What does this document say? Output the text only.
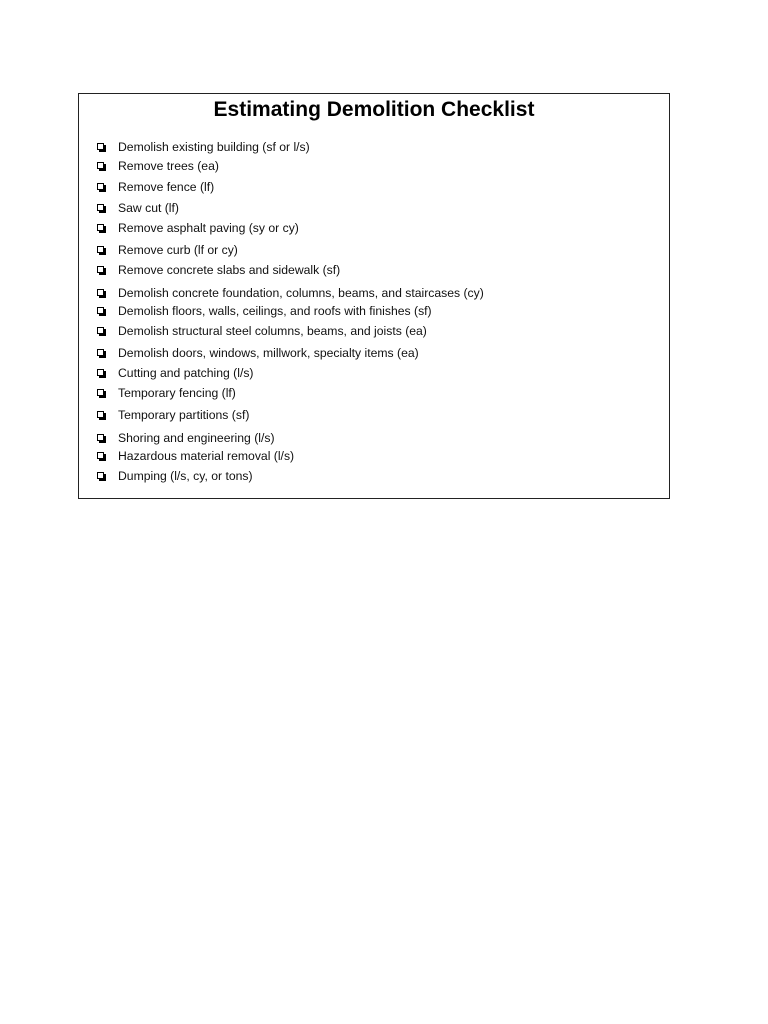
Estimating Demolition Checklist
Demolish existing building (sf or l/s)
Remove trees (ea)
Remove fence (lf)
Saw cut (lf)
Remove asphalt paving (sy or cy)
Remove curb (lf or cy)
Remove concrete slabs and sidewalk (sf)
Demolish concrete foundation, columns, beams, and staircases (cy)
Demolish floors, walls, ceilings, and roofs with finishes (sf)
Demolish structural steel columns, beams, and joists (ea)
Demolish doors, windows, millwork, specialty items (ea)
Cutting and patching (l/s)
Temporary fencing (lf)
Temporary partitions (sf)
Shoring and engineering (l/s)
Hazardous material removal (l/s)
Dumping (l/s, cy, or tons)
